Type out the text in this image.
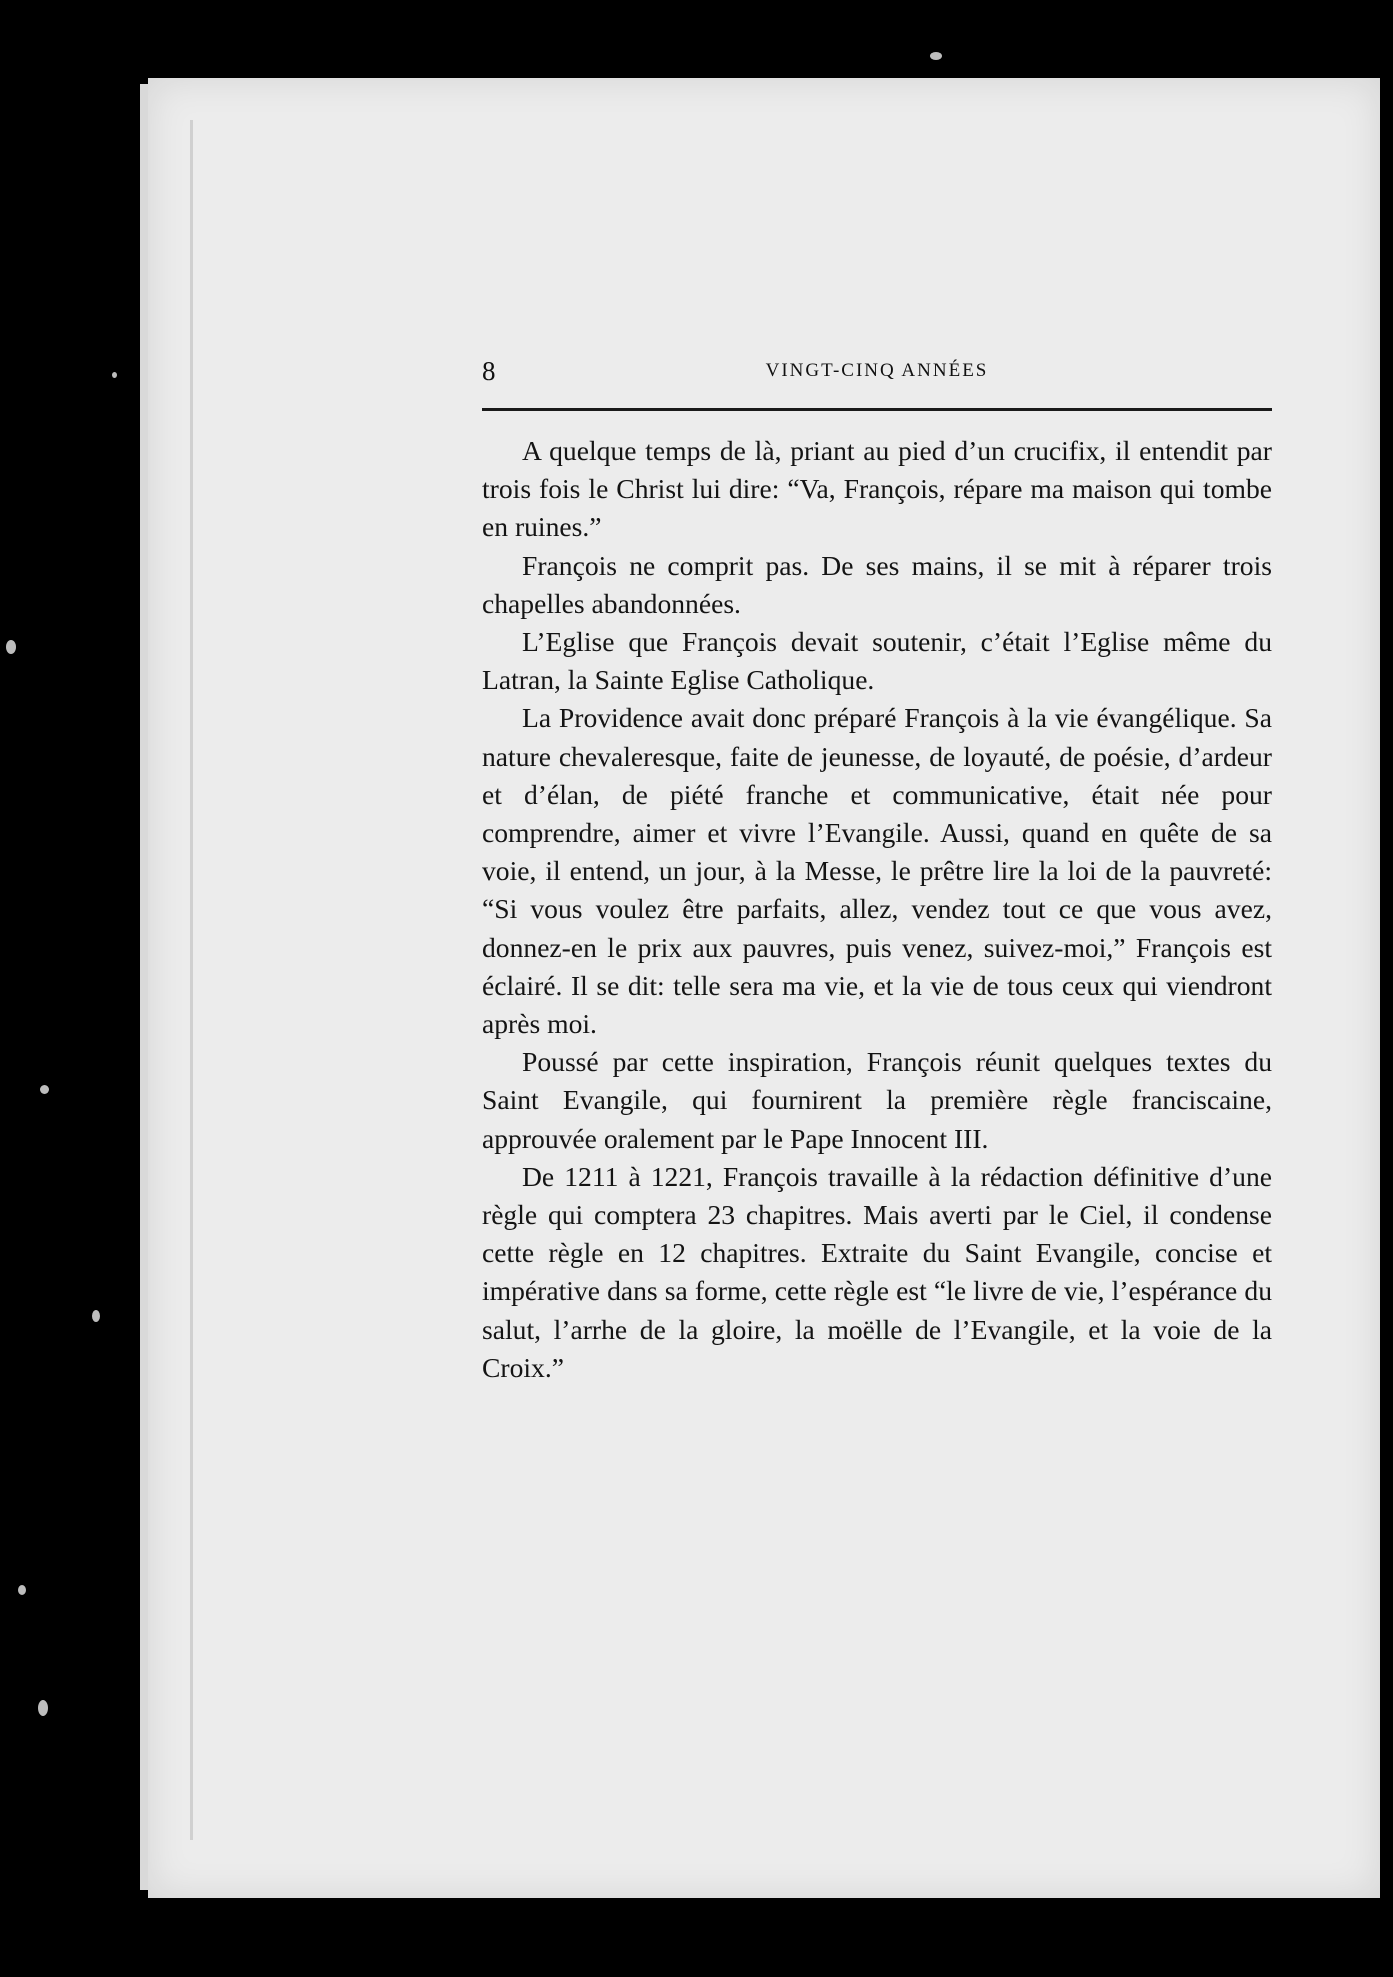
8	VINGT-CINQ ANNÉES

A quelque temps de là, priant au pied d’un crucifix, il entendit par trois fois le Christ lui dire: “Va, François, répare ma maison qui tombe en ruines.”

François ne comprit pas. De ses mains, il se mit à réparer trois chapelles abandonnées.

L’Eglise que François devait soutenir, c’était l’Eglise même du Latran, la Sainte Eglise Catholique.

La Providence avait donc préparé François à la vie évangélique. Sa nature chevaleresque, faite de jeunesse, de loyauté, de poésie, d’ardeur et d’élan, de piété franche et communicative, était née pour comprendre, aimer et vivre l’Evangile. Aussi, quand en quête de sa voie, il entend, un jour, à la Messe, le prêtre lire la loi de la pauvreté: “Si vous voulez être parfaits, allez, vendez tout ce que vous avez, donnez-en le prix aux pauvres, puis venez, suivez-moi,” François est éclairé. Il se dit: telle sera ma vie, et la vie de tous ceux qui viendront après moi.

Poussé par cette inspiration, François réunit quelques textes du Saint Evangile, qui fournirent la première règle franciscaine, approuvée oralement par le Pape Innocent III.

De 1211 à 1221, François travaille à la rédaction définitive d’une règle qui comptera 23 chapitres. Mais averti par le Ciel, il condense cette règle en 12 chapitres. Extraite du Saint Evangile, concise et impérative dans sa forme, cette règle est “le livre de vie, l’espérance du salut, l’arrhe de la gloire, la moëlle de l’Evangile, et la voie de la Croix.”
